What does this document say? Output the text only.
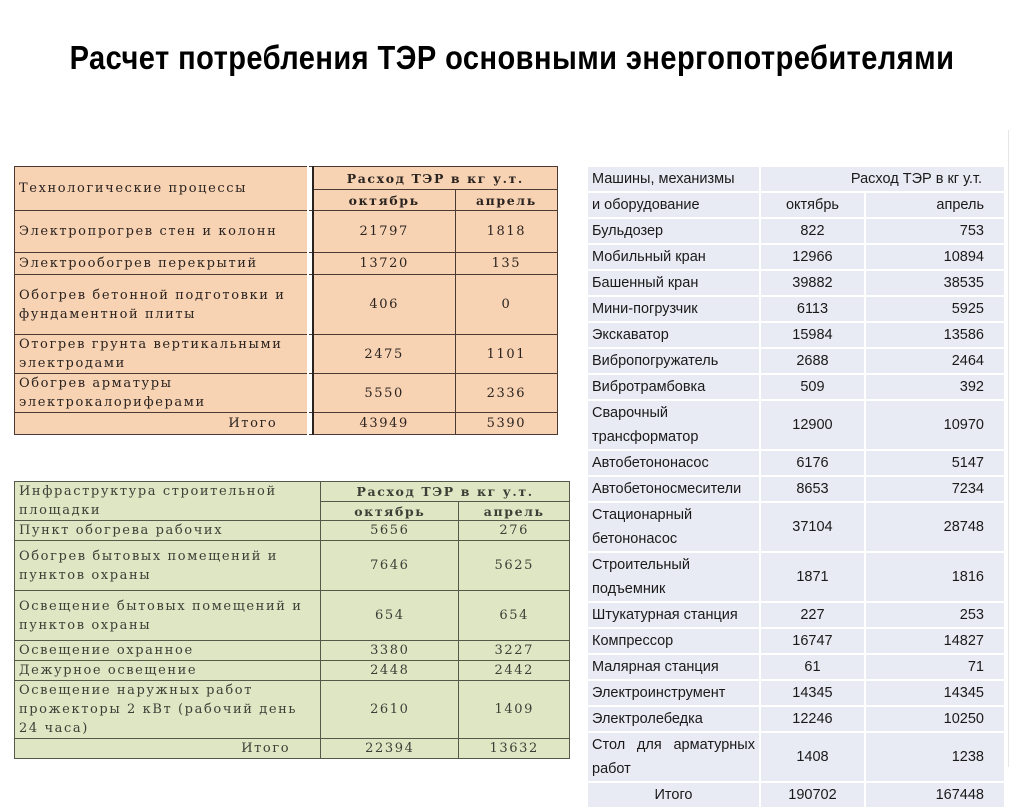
Расчет потребления ТЭР основными энергопотребителями
Технологические процессы		Расход ТЭР в кг у.т.	
		октябрь	апрель
Электропрогрев стен и колонн		21797	1818
Электрообогрев перекрытий		13720	135
Обогрев бетонной подготовки и фундаментной плиты		406	0
Отогрев грунта вертикальными электродами		2475	1101
Обогрев арматуры электрокалориферами		5550	2336
Итого		43949	5390
Инфраструктура строительной площадки	Расход ТЭР в кг у.т.	
	октябрь	апрель
Пункт обогрева рабочих	5656	276
Обогрев бытовых помещений и пунктов охраны	7646	5625
Освещение бытовых помещений и пунктов охраны	654	654
Освещение охранное	3380	3227
Дежурное освещение	2448	2442
Освещение наружных работ прожекторы 2 кВт (рабочий день 24 часа)	2610	1409
Итого	22394	13632
Машины, механизмы	Расход ТЭР в кг у.т.	
и оборудование	октябрь	апрель
Бульдозер	822	753
Мобильный кран	12966	10894
Башенный кран	39882	38535
Мини-погрузчик	6113	5925
Экскаватор	15984	13586
Вибропогружатель	2688	2464
Вибротрамбовка	509	392
Сварочный трансформатор	12900	10970
Автобетононасос	6176	5147
Автобетоносмесители	8653	7234
Стационарный бетононасос	37104	28748
Строительный подъемник	1871	1816
Штукатурная станция	227	253
Компрессор	16747	14827
Малярная станция	61	71
Электроинструмент	14345	14345
Электролебедка	12246	10250
Стол для арматурных работ	1408	1238
Итого	190702	167448
